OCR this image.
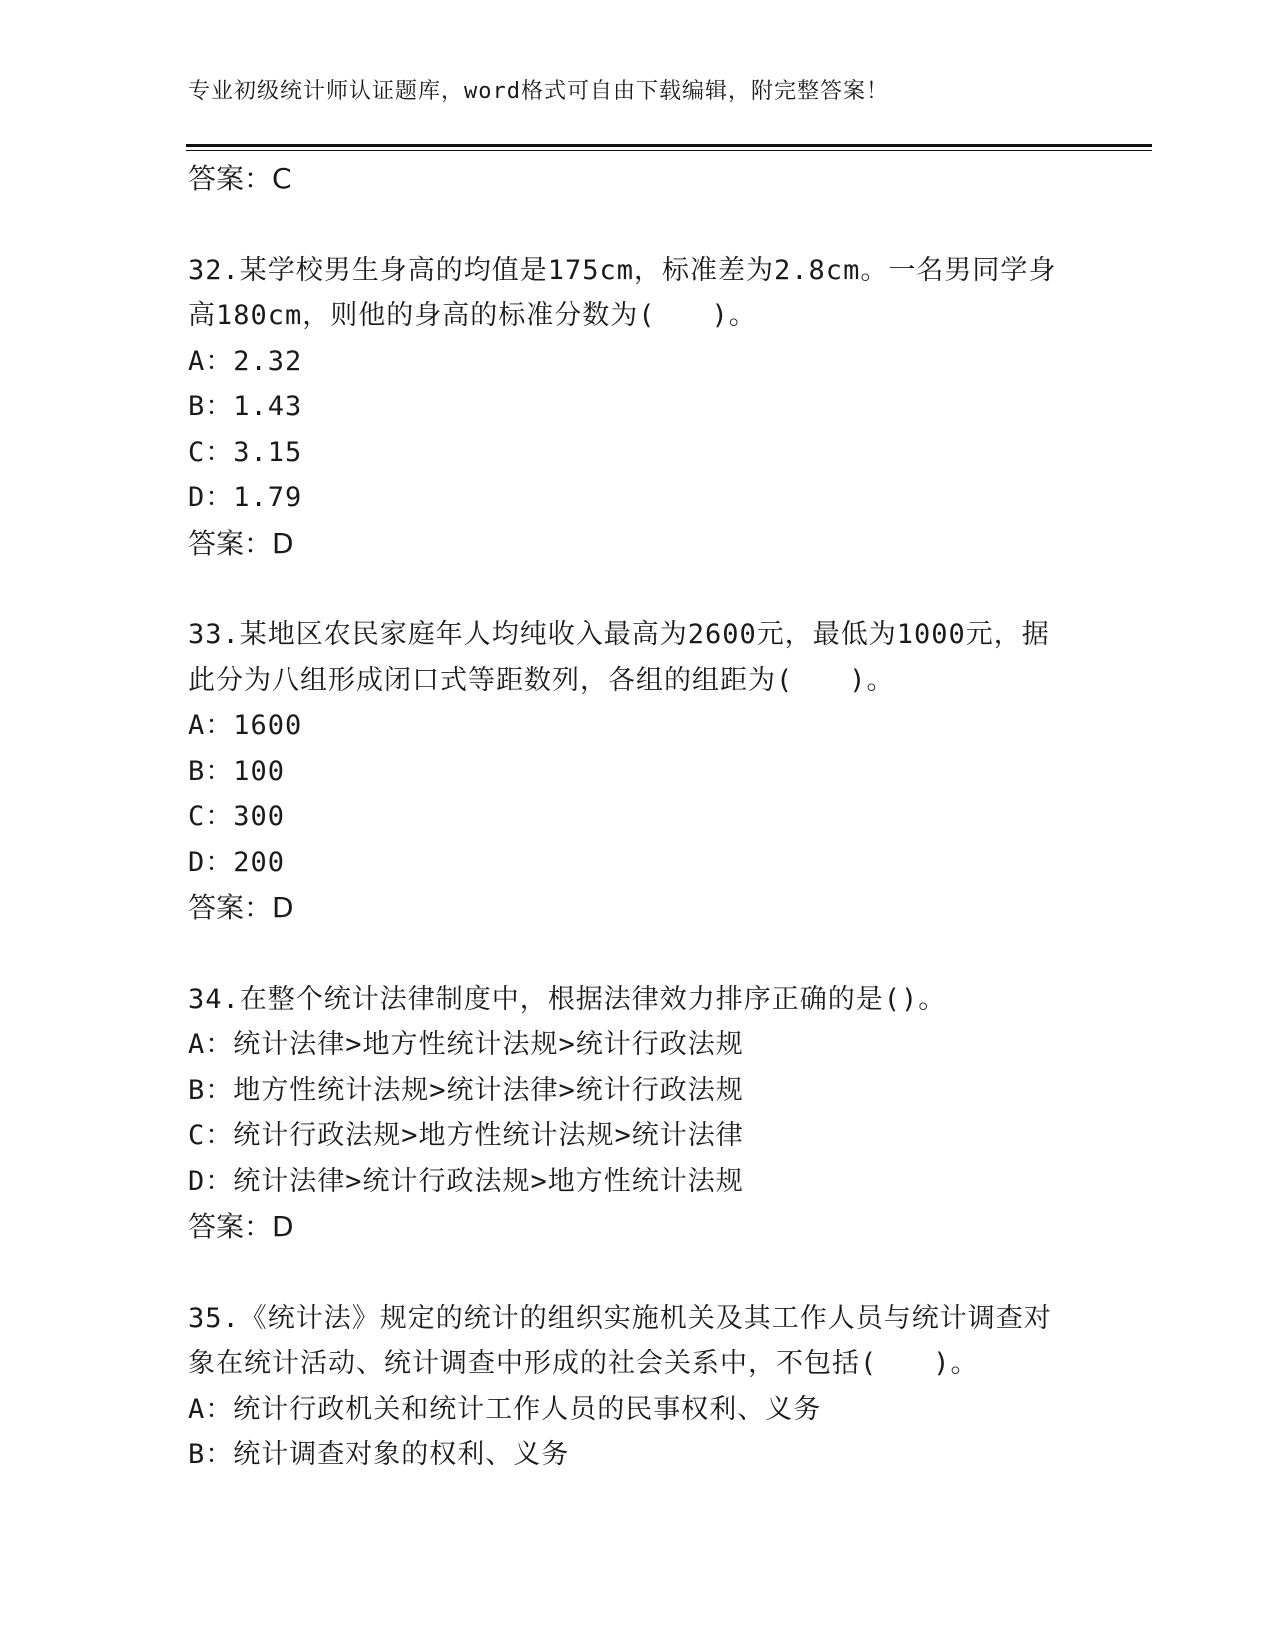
专业初级统计师认证题库，word格式可自由下载编辑，附完整答案！
答案：C
32.某学校男生身高的均值是175cm，标准差为2.8cm。一名男同学身
高180cm，则他的身高的标准分数为(　　)。
A：2.32
B：1.43
C：3.15
D：1.79
答案：D
33.某地区农民家庭年人均纯收入最高为2600元，最低为1000元，据
此分为八组形成闭口式等距数列，各组的组距为(　　)。
A：1600
B：100
C：300
D：200
答案：D
34.在整个统计法律制度中，根据法律效力排序正确的是()。
A：统计法律>地方性统计法规>统计行政法规
B：地方性统计法规>统计法律>统计行政法规
C：统计行政法规>地方性统计法规>统计法律
D：统计法律>统计行政法规>地方性统计法规
答案：D
35.《统计法》规定的统计的组织实施机关及其工作人员与统计调查对
象在统计活动、统计调查中形成的社会关系中，不包括(　　)。
A：统计行政机关和统计工作人员的民事权利、义务
B：统计调查对象的权利、义务
